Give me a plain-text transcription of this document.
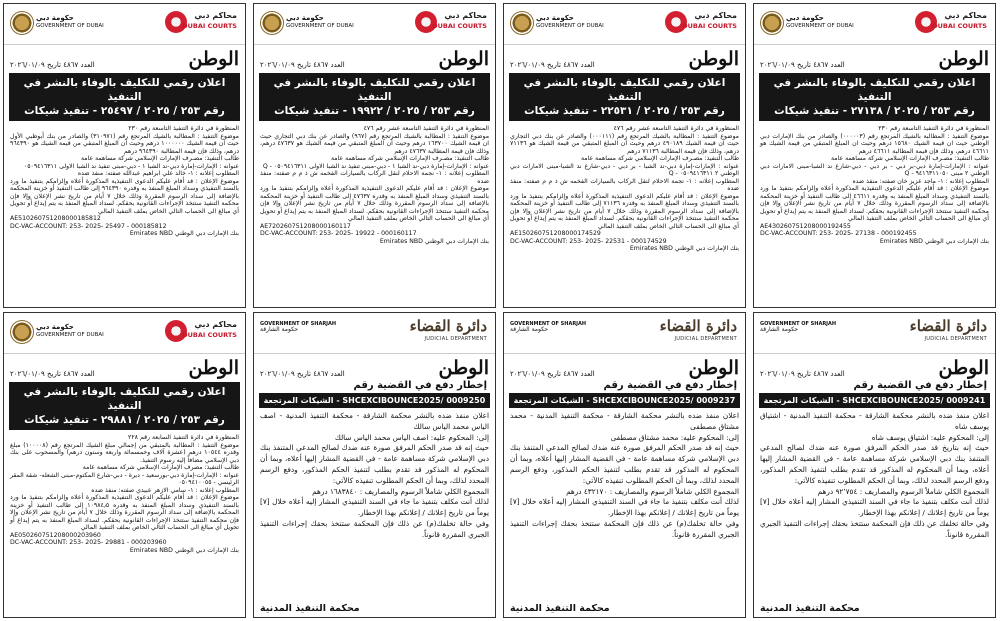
حكومة دبي
GOVERNMENT OF DUBAI
محاكم دبي
DUBAI COURTS
العدد ٤٨٦٧ تاريخ ٢٠٢٦/٠١/٠٩	الوطن
اعلان رقمي للتكليف بالوفاء بالنشر في التنفيذ
رقم ٢٥٣ / ٢٠٢٥ / ٢٥٤٩٧ - تنفيذ شيكات

المنظورة في دائرة التنفيذ التاسعة رقم ٢٣٠

موضوع التنفيذ : المطالبة بالشيك المرتجع رقم (٣١٠٩٧١) والصادر من بنك أبوظبي الأول حيث ان قيمة الشيك ١٠٠٠٠٠٠ درهم وحيث أن المبلغ المتبقي من قيمة الشيك هو ٩٦٤٣٩٠ درهم، وذلك فإن قيمة المطالبة ٩٦٤٣٩٠ درهم

طالب التنفيذ: مصـرف الإمارات الإسلامي شركة مساهمة عامة

عنوانه : الإمارات-إمارة دبي-ند الشبا ١ - دبي-مبنى تنفيذ ند الشبا الاولى ٠٥٠٩٤١٦٣١١

المطلوب إعلانه : ١- خالد علي ابراهيم عبدالله صفته: منفذ ضده

موضوع الإعلان : قد أقام عليكم الدعوى التنفيذية المذكورة أعلاه وإلزامكم بتنفيذ ما ورد بالسند التنفيذي وسداد المبلغ المنفذ به وقدره ٩٦٤٣٩٠ إلى طالب التنفيذ أو خزينة المحكمة بالإضافة إلى سداد الرسوم المقررة وذلك خلال ٧ أيام من تاريخ نشر الإعلان وإلا فإن محكمة التنفيذ ستتخذ الإجراءات القانونية بحقكم. لسداد المبلغ المنفذ به يتم إيداع أو تحويل أي مبالغ الى الحساب التالي الخاص بملف التنفيذ المالي

AE510260751208000185812
DC-VAC-ACCOUNT: 253- 2025- 25497 - 000185812
بنك الإمارات دبي الوطني Emirates NBD
حكومة دبي
GOVERNMENT OF DUBAI
محاكم دبي
DUBAI COURTS
العدد ٤٨٦٧ تاريخ ٢٠٢٦/٠١/٠٩	الوطن
اعلان رقمي للتكليف بالوفاء بالنشر في التنفيذ
رقم ٢٥٣ / ٢٠٢٥ / ١٩٩٢٢ - تنفيذ شيكات

المنظورة في دائرة التنفيذ التاسعة عشر رقم ٤٧٦

موضوع التنفيذ : المطالبة بالشيك المرتجع رقم (٩٦٧) والصادر عن بنك دبي التجاري حيث ان قيمة الشيك ١٦٣٧٠٠ درهم وحيث أن المبلغ المتبقي من قيمة الشيك هو ٤٧٦٣٧ درهم، وذلك فإن قيمة المطالبة ٤٧٦٣٧ درهم

طالب التنفيذ: مصـرف الإمارات الإسلامي شركة مساهمة عامة

عنوانه : الإمارات-إمارة دبي-ند الشبا ١ - دبي-مبنى تنفيذ ند الشبا الاولى ٠٥٠٩٤١٦٣١١ - Q

المطلوب إعلانه : ١- نجمة الاحلام لنقل الركاب بالسيارات الفخمه ش ذ م م صفته: منفذ ضده

موضوع الإعلان : قد أقام عليكم الدعوى التنفيذية المذكورة أعلاه وإلزامكم بتنفيذ ما ورد بالسند التنفيذي وسداد المبلغ المنفذ به وقدره ٤٧٦٣٧ إلى طالب التنفيذ أو خزينة المحكمة بالإضافة إلى سداد الرسوم المقررة وذلك خلال ٧ أيام من تاريخ نشر الإعلان وإلا فإن محكمة التنفيذ ستتخذ الإجراءات القانونية بحقكم. لسداد المبلغ المنفذ به يتم إيداع أو تحويل أي مبالغ الى الحساب التالي الخاص بملف التنفيذ المالي

AE720260751208000160117
DC-VAC-ACCOUNT: 253- 2025- 19922 - 000160117
بنك الإمارات دبي الوطني Emirates NBD
حكومة دبي
GOVERNMENT OF DUBAI
محاكم دبي
DUBAI COURTS
العدد ٤٨٦٧ تاريخ ٢٠٢٦/٠١/٠٩	الوطن
اعلان رقمي للتكليف بالوفاء بالنشر في التنفيذ
رقم ٢٥٣ / ٢٠٢٥ / ٢٢٥٣١ - تنفيذ شيكات

المنظورة في دائرة التنفيذ التاسعة عشر رقم ٤٧٦

موضوع التنفيذ : المطالبة بالشيك المرتجع رقم (٠٠٠١١١) والصادر عن بنك دبي التجاري حيث ان قيمة الشيك ٤٩٠١٨٩ درهم وحيث أن المبلغ المتبقي من قيمة الشيك هو ٧١١٣٦ درهم، وذلك فإن قيمة المطالبة ٧١١٣٦ درهم

طالب التنفيذ: مصـرف الإمارات الإسلامي شركة مساهمة عامة

عنوانه : الإمارات-إمارة دبي-ند الشبا - بر دبي - دبي-شارع ند الشبا-مبنى الامارات دبي الوطني ٢ ٠٥٠٩٤١٦٣١١ - Q

المطلوب إعلانه : ١- تجمة الاحلام لنقل الركاب بالسيارات الفخمه ش ذ م م صفته: منفذ ضده

موضوع الإعلان : قد أقام عليكم الدعوى التنفيذية المذكورة أعلاه وإلزامكم بتنفيذ ما ورد بالسند التنفيذي وسداد المبلغ المنفذ به وقدره ٧١١٣٦ إلى طالب التنفيذ أو خزينة المحكمة بالإضافة إلى سداد الرسوم المقررة وذلك خلال ٧ أيام من تاريخ نشر الإعلان وإلا فإن محكمة التنفيذ ستتخذ الإجراءات القانونية بحقكم. لسداد المبلغ المنفذ به يتم إيداع أو تحويل أي مبالغ الى الحساب التالي الخاص بملف التنفيذ المالي

AE150260751208000174529
DC-VAC-ACCOUNT: 253- 2025- 22531 - 000174529
بنك الإمارات دبي الوطني Emirates NBD
حكومة دبي
GOVERNMENT OF DUBAI
محاكم دبي
DUBAI COURTS
العدد ٤٨٦٧ تاريخ ٢٠٢٦/٠١/٠٩	الوطن
اعلان رقمي للتكليف بالوفاء بالنشر في التنفيذ
رقم ٢٥٣ / ٢٠٢٥ / ٢٧١٣٨ - تنفيذ شيكات

المنظورة في دائرة التنفيذ التاسعة رقم ٢٣٠

موضوع التنفيذ : المطالبة بالشيك المرتجع رقم (٠٠٠٠٠٣) والصادر من بنك الإمارات دبي الوطني حيث ان قيمة الشيك ١٥٦٨٠ درهم وحيث ان المبلغ المتبقي من قيمة الشيك هو ٤٦٦١١ درهم، وذلك فإن قيمة المطالبة ٤٦٦١١ درهم

طالب التنفيذ: مصـرف الإمارات الإسلامي شركة مساهمة عامة

عنوانه : الإمارات-إمارة دبي-بر دبي - بر دبي - دبي-شارع ند الشبا-مبنى الامارات دبي الوطني ٢ مبنى ٩٤١٦٣١١٠٥٠ - Q

المطلوب إعلانه : ١- ماجد عزيز خان صفته: منفذ ضده

موضوع الإعلان : قد أقام عليكم الدعوى التنفيذية المذكورة أعلاه وإلزامكم بتنفيذ ما ورد بالسند التنفيذي وسداد المبلغ المنفذ به وقدره ٤٦٦١١ إلى طالب التنفيذ أو خزينة المحكمة بالإضافة إلى سداد الرسوم المقررة وذلك خلال ٧ أيام من تاريخ نشر الإعلان وإلا فإن محكمة التنفيذ ستتخذ الإجراءات القانونية بحقكم. لسداد المبلغ المنفذ به يتم إيداع أو تحويل أي مبالغ الى الحساب التالي الخاص بملف التنفيذ المالي

AE430260751208000192455
DC-VAC-ACCOUNT: 253- 2025- 27138 - 000192455
بنك الإمارات دبي الوطني Emirates NBD
حكومة دبي
GOVERNMENT OF DUBAI
محاكم دبي
DUBAI COURTS
العدد ٤٨٦٧ تاريخ ٢٠٢٦/٠١/٠٩	الوطن
اعلان رقمي للتكليف بالوفاء بالنشر في التنفيذ
رقم ٢٥٣ / ٢٠٢٥ / ٢٩٨٨١ - تنفيذ شيكات

المنظورة في دائرة التنفيذ السابعة رقم ٢٢٨

موضوع التنفيذ : المطالبة بالمتبقي من إجمالي مبلغ الشيك المرتجع رقم (١٠٠٠٠٨) مبلغ وقدره ١٠٥٤٤ درهم (عشرة آلاف وخمسمائة واربعة وستون درهم) والمسحوب على بنك دبي الإسلامي مضافاً إليه رسوم التنفيذ.

طالب التنفيذ: مصرف الإمارات الإسلامي شركة مساهمة عامة

عنوانه : الإمارات-إمارة دبي-بورسعيد - ديرة - دبي-شارع المكتوم-مبنى الشعله- شقة المقر الرئيسي - ٠٥٠٩٤١٠٠٥٥

المطلوب إعلانه : ١- سامي الازهر عبيدي صفته: منفذ ضده

موضوع الإعلان : قد أقام عليكم الدعوى التنفيذية المذكورة أعلاه وإلزامكم بتنفيذ ما ورد بالسند التنفيذي وسداد المبلغ المنفذ به وقدره ١٠٩٨٤٫٥ إلى طالب التنفيذ أو خزينة المحكمة بالإضافة إلى سداد الرسوم المقررة وذلك خلال ٧ أيام من تاريخ نشر الإعلان وإلا فإن محكمة التنفيذ ستتخذ الإجراءات القانونية بحقكم. لسداد المبلغ المنفذ به يتم إيداع أو تحويل أي مبالغ الى الحساب التالي الخاص بملف التنفيذ المالي

AE050260751208000203960
DC-VAC-ACCOUNT: 253- 2025- 29881 - 000203960
بنك الإمارات دبي الوطني Emirates NBD
GOVERNMENT OF SHARJAH
حكومة الشارقة	دائرة القضاء
JUDICIAL DEPARTMENT
العدد ٤٨٦٧ تاريخ ٢٠٢٦/٠١/٠٩	الوطن
إخطار دفع في القضية رقم
SHCEXCIBOUNCE2025/ 0009250 - الشيكات المرتجعة

اعلان منفذ ضده بالنشر محكمة الشارقة - محكمة التنفيذ المدنية - اصف الياس محمد الياس سالك

إلى: المحكوم عليه: اصف الياس محمد الياس سالك

حيث إنه قد صدر الحكم المرفق صورة عنه ضدك لصالح المدعي المتنفذ بنك دبي الإسلامي شركة مساهمة عامة - في القضية المشار إليها أعلاه، وبما أن المحكوم له المذكور قد تقدم بطلب لتنفيذ الحكم المذكور، ودفع الرسم المحدد لذلك، وبما أن الحكم المطلوب تنفيذه كالآتي:

المجموع الكلي شاملاً الرسوم والمصاريف : ١٦٨٣٨٤٠ درهم

لذلك أنت مكلف بتنفيذ ما جاء في السند التنفيذي المشار إليه أعلاه خلال [٧] يوماً من تاريخ إعلانك / إعلانكم بهذا الإخطار.

وفي حالة تخلفك(م) عن ذلك فإن المحكمة ستتخذ بحقك إجراءات التنفيذ الجبري المقررة قانوناً.

محكمة التنفيذ المدنية
GOVERNMENT OF SHARJAH
حكومة الشارقة	دائرة القضاء
JUDICIAL DEPARTMENT
العدد ٤٨٦٧ تاريخ ٢٠٢٦/٠١/٠٩	الوطن
إخطار دفع في القضية رقم
SHCEXCIBOUNCE2025/ 0009237 - الشيكات المرتجعة

اعلان منفذ ضده بالنشر محكمة الشارقة - محكمة التنفيذ المدنية - محمد مشتاق مصطفى

إلى: المحكوم عليه: محمد مشتاق مصطفى

حيث إنه قد صدر الحكم المرفق صورة عنه ضدك لصالح المدعي المتنفذ بنك دبي الإسلامي شركة مساهمة عامة - في القضية المشار إليها أعلاه، وبما أن المحكوم له المذكور قد تقدم بطلب لتنفيذ الحكم المذكور، ودفع الرسم المحدد لذلك، وبما أن الحكم المطلوب تنفيذه كالآتي:

المجموع الكلي شاملاً الرسوم والمصاريف : ٤٣٢١٧٠ درهم

لذلك أنت مكلف بتنفيذ ما جاء في السند التنفيذي المشار إليه أعلاه خلال [٧] يوماً من تاريخ إعلانك / إعلانكم بهذا الإخطار.

وفي حالة تخلفك(م) عن ذلك فإن المحكمة ستتخذ بحقك إجراءات التنفيذ الجبري المقررة قانوناً.

محكمة التنفيذ المدنية
GOVERNMENT OF SHARJAH
حكومة الشارقة	دائرة القضاء
JUDICIAL DEPARTMENT
العدد ٤٨٦٧ تاريخ ٢٠٢٦/٠١/٠٩	الوطن
إخطار دفع في القضية رقم
SHCEXCIBOUNCE2025/ 0009241 - الشيكات المرتجعة

اعلان منفذ ضده بالنشر محكمة الشارقة - محكمة التنفيذ المدنية - اشتياق يوسف شاه

إلى: المحكوم عليه: اشتياق يوسف شاه

حيث إنه بتاريخ قد صدر الحكم المرفق صورة عنه ضدك لصالح المدعي المتنفذ بنك دبي الإسلامي شركة مساهمة عامة - في القضية المشار إليها أعلاه، وبما أن المحكوم له المذكور قد تقدم بطلب لتنفيذ الحكم المذكور، ودفع الرسم المحدد لذلك، وبما أن الحكم المطلوب تنفيذه كالآتي:

المجموع الكلي شاملاً الرسوم والمصاريف : ٩٢٬٧٥٤ درهم

لذلك أنت مكلف بتنفيذ ما جاء في السند التنفيذي المشار إليه أعلاه خلال [٧] يوماً من تاريخ إعلانك / إعلانكم بهذا الإخطار.

وفي حالة تخلفك عن ذلك فإن المحكمة ستتخذ بحقك إجراءات التنفيذ الجبري المقررة قانوناً.

محكمة التنفيذ المدنية
